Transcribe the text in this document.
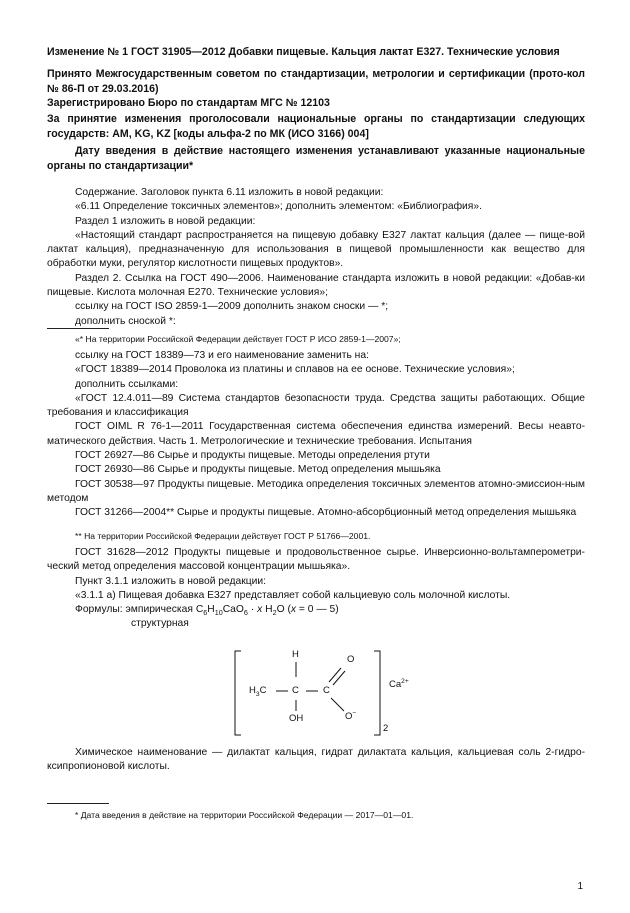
Изменение № 1 ГОСТ 31905—2012 Добавки пищевые. Кальция лактат Е327. Технические условия
Принято Межгосударственным советом по стандартизации, метрологии и сертификации (прото-кол № 86-П от 29.03.2016)
Зарегистрировано Бюро по стандартам МГС № 12103
За принятие изменения проголосовали национальные органы по стандартизации следующих государств: AM, KG, KZ [коды альфа-2 по МК (ИСО 3166) 004]
Дату введения в действие настоящего изменения устанавливают указанные национальные органы по стандартизации*

Содержание. Заголовок пункта 6.11 изложить в новой редакции:

«6.11 Определение токсичных элементов»; дополнить элементом: «Библиография».

Раздел 1 изложить в новой редакции:

«Настоящий стандарт распространяется на пищевую добавку Е327 лактат кальция (далее — пище-вой лактат кальция), предназначенную для использования в пищевой промышленности как вещество для обработки муки, регулятор кислотности пищевых продуктов».

Раздел 2. Ссылка на ГОСТ 490—2006. Наименование стандарта изложить в новой редакции: «Добав-ки пищевые. Кислота молочная Е270. Технические условия»;

ссылку на ГОСТ ISO 2859-1—2009 дополнить знаком сноски — *;

дополнить сноской *:

«* На территории Российской Федерации действует ГОСТ Р ИСО 2859-1—2007»;

ссылку на ГОСТ 18389—73 и его наименование заменить на:

«ГОСТ 18389—2014 Проволока из платины и сплавов на ее основе. Технические условия»;

дополнить ссылками:

«ГОСТ 12.4.011—89 Система стандартов безопасности труда. Средства защиты работающих. Общие требования и классификация

ГОСТ OIML R 76-1—2011 Государственная система обеспечения единства измерений. Весы неавто-матического действия. Часть 1. Метрологические и технические требования. Испытания

ГОСТ 26927—86 Сырье и продукты пищевые. Методы определения ртути

ГОСТ 26930—86 Сырье и продукты пищевые. Метод определения мышьяка

ГОСТ 30538—97 Продукты пищевые. Методика определения токсичных элементов атомно-эмиссион-ным методом

ГОСТ 31266—2004** Сырье и продукты пищевые. Атомно-абсорбционный метод определения мышьяка

** На территории Российской Федерации действует ГОСТ Р 51766—2001.

ГОСТ 31628—2012 Продукты пищевые и продовольственное сырье. Инверсионно-вольтамперометри-ческий метод определения массовой концентрации мышьяка».

Пункт 3.1.1 изложить в новой редакции:

«3.1.1 а) Пищевая добавка Е327 представляет собой кальциевую соль молочной кислоты.

Формулы: эмпирическая $C_6H_{10}CaO_6 \cdot x$ $H_2O$ (x = 0 — 5)

структурная

H	O
$H_3C$	C	C
$Ca^{2+}$
OH	O−
2

Химическое наименование — дилактат кальция, гидрат дилактата кальция, кальциевая соль 2-гидро-ксипропионовой кислоты.

* Дата введения в действие на территории Российской Федерации — 2017—01—01.
1
